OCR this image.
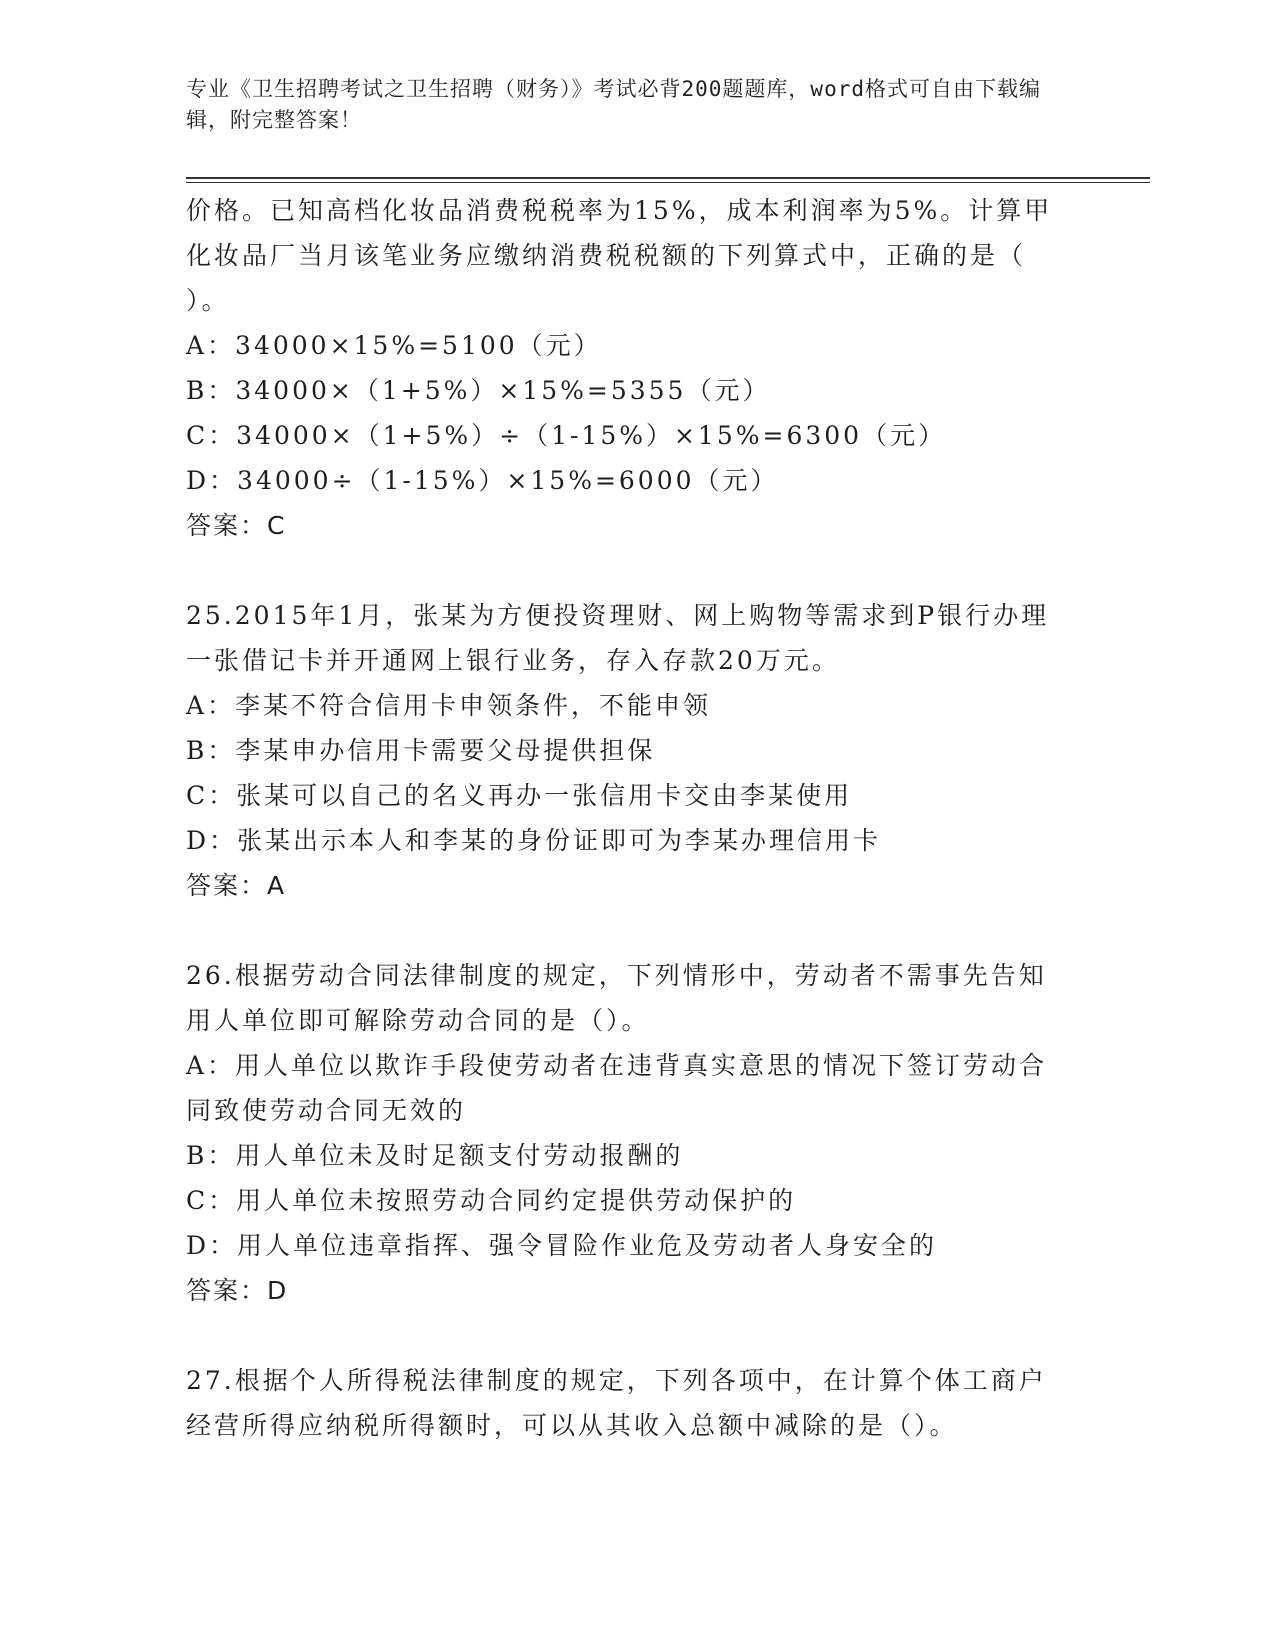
专业《卫生招聘考试之卫生招聘（财务）》考试必背200题题库，word格式可自由下载编辑，附完整答案！
价格。已知高档化妆品消费税税率为15%，成本利润率为5%。计算甲
化妆品厂当月该笔业务应缴纳消费税税额的下列算式中，正确的是（
）。
A：34000×15%=5100（元）
B：34000×（1+5%）×15%=5355（元）
C：34000×（1+5%）÷（1-15%）×15%=6300（元）
D：34000÷（1-15%）×15%=6000（元）
答案：C
25.2015年1月，张某为方便投资理财、网上购物等需求到P银行办理
一张借记卡并开通网上银行业务，存入存款20万元。
A：李某不符合信用卡申领条件，不能申领
B：李某申办信用卡需要父母提供担保
C：张某可以自己的名义再办一张信用卡交由李某使用
D：张某出示本人和李某的身份证即可为李某办理信用卡
答案：A
26.根据劳动合同法律制度的规定，下列情形中，劳动者不需事先告知
用人单位即可解除劳动合同的是（）。
A：用人单位以欺诈手段使劳动者在违背真实意思的情况下签订劳动合
同致使劳动合同无效的
B：用人单位未及时足额支付劳动报酬的
C：用人单位未按照劳动合同约定提供劳动保护的
D：用人单位违章指挥、强令冒险作业危及劳动者人身安全的
答案：D
27.根据个人所得税法律制度的规定，下列各项中，在计算个体工商户
经营所得应纳税所得额时，可以从其收入总额中减除的是（）。
